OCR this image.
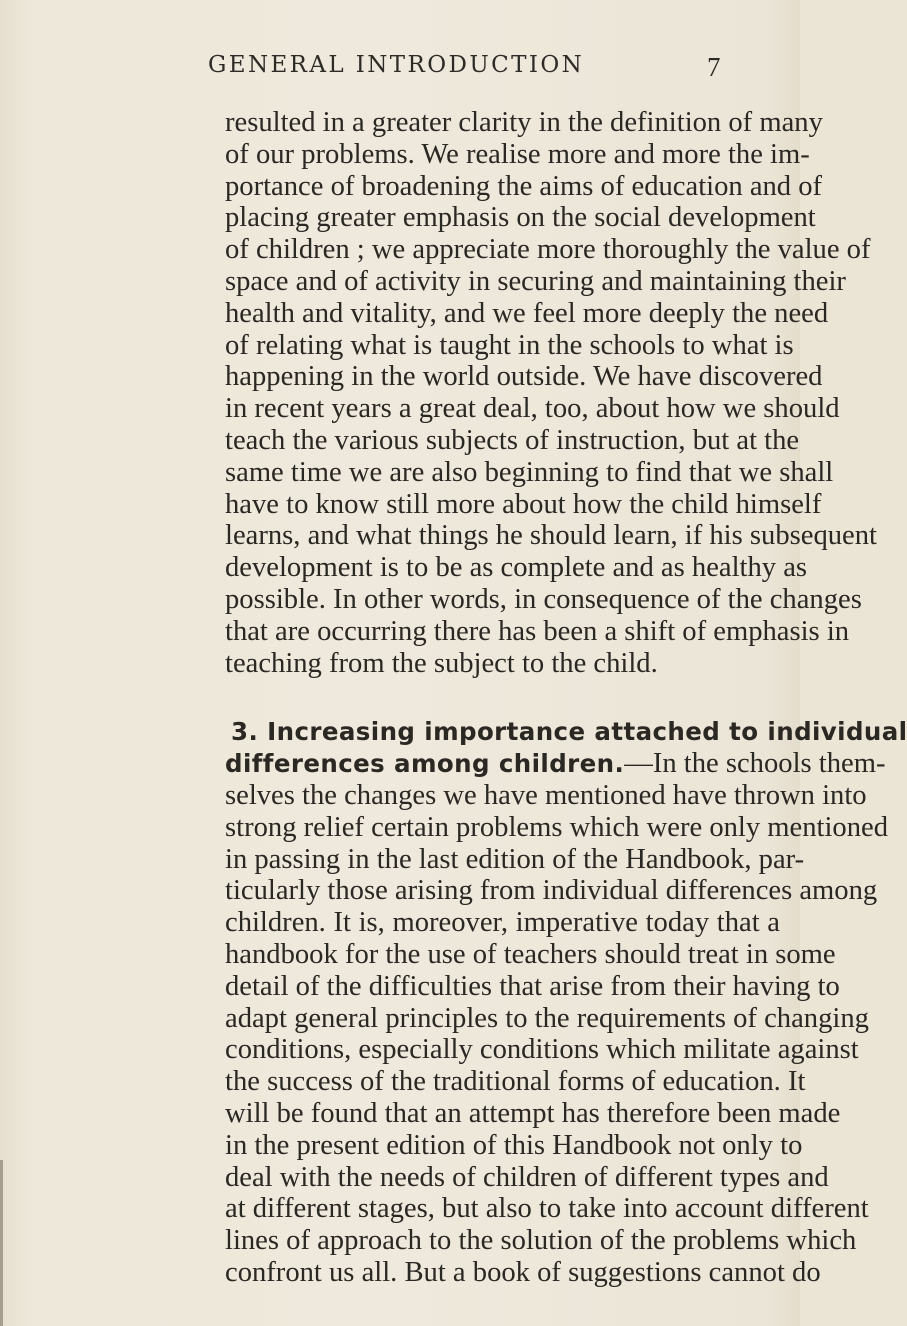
GENERAL INTRODUCTION	7
resulted in a greater clarity in the definition of many
of our problems. We realise more and more the im-
portance of broadening the aims of education and of
placing greater emphasis on the social development
of children ; we appreciate more thoroughly the value of
space and of activity in securing and maintaining their
health and vitality, and we feel more deeply the need
of relating what is taught in the schools to what is
happening in the world outside. We have discovered
in recent years a great deal, too, about how we should
teach the various subjects of instruction, but at the
same time we are also beginning to find that we shall
have to know still more about how the child himself
learns, and what things he should learn, if his subsequent
development is to be as complete and as healthy as
possible. In other words, in consequence of the changes
that are occurring there has been a shift of emphasis in
teaching from the subject to the child.
3. Increasing importance attached to individual
differences among children.—In the schools them-
selves the changes we have mentioned have thrown into
strong relief certain problems which were only mentioned
in passing in the last edition of the Handbook, par-
ticularly those arising from individual differences among
children. It is, moreover, imperative today that a
handbook for the use of teachers should treat in some
detail of the difficulties that arise from their having to
adapt general principles to the requirements of changing
conditions, especially conditions which militate against
the success of the traditional forms of education. It
will be found that an attempt has therefore been made
in the present edition of this Handbook not only to
deal with the needs of children of different types and
at different stages, but also to take into account different
lines of approach to the solution of the problems which
confront us all. But a book of suggestions cannot do
